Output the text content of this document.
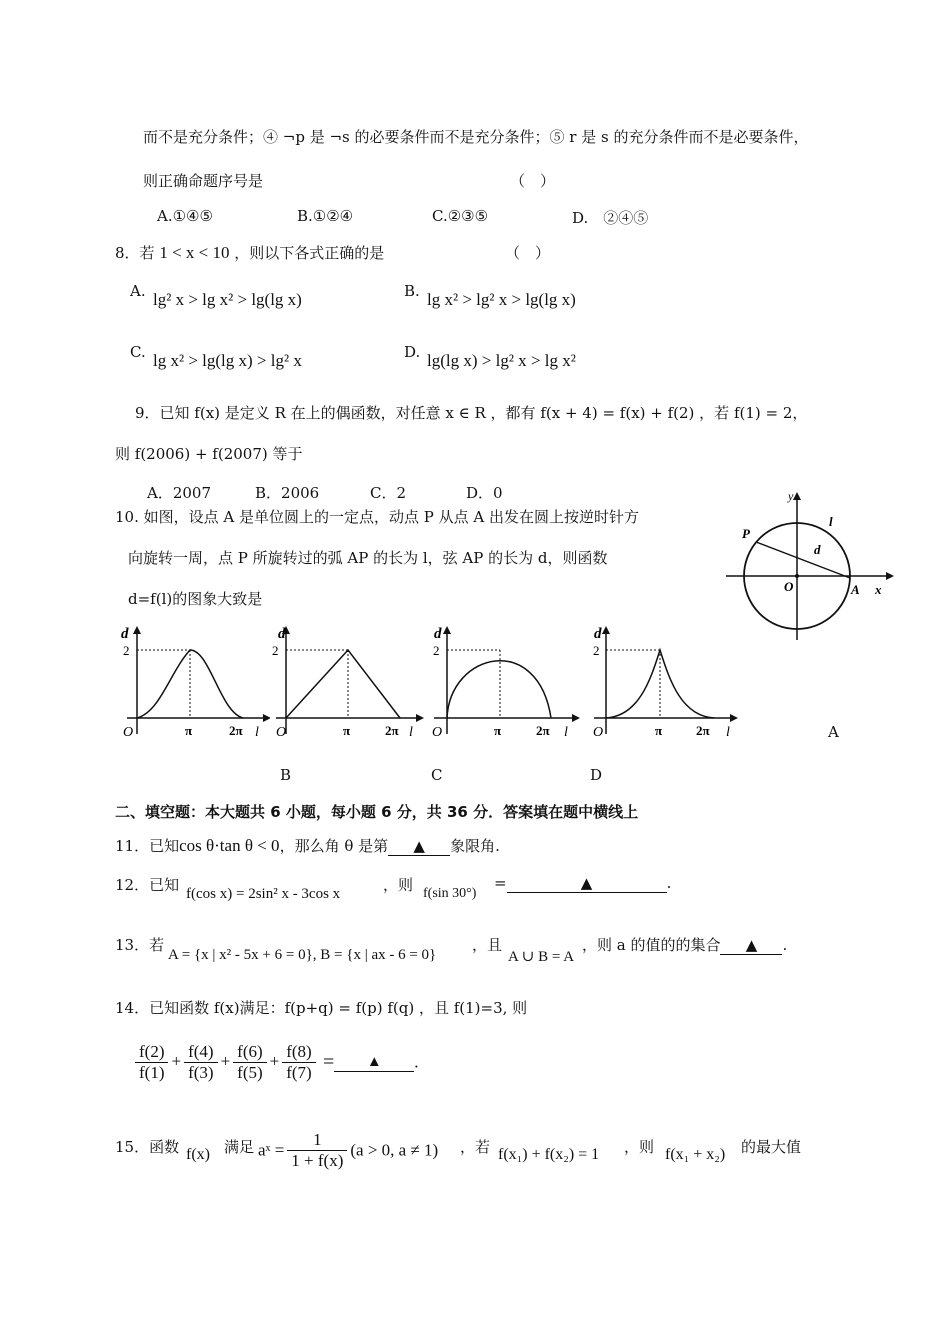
而不是充分条件；④ ¬p 是 ¬s 的必要条件而不是充分条件；⑤ r 是 s 的充分条件而不是必要条件，
则正确命题序号是	（　）
A.①④⑤	B.①②④	C.②③⑤	D.　②④⑤
8．若 1 < x < 10 ，则以下各式正确的是	（　）
A. lg² x > lg x² > lg(lg x)	B. lg x² > lg² x > lg(lg x)
C. lg x² > lg(lg x) > lg² x	D. lg(lg x) > lg² x > lg x²
9．已知 f(x) 是定义 R 在上的偶函数，对任意 x ∈ R ，都有 f(x + 4) = f(x) + f(2) ，若 f(1) = 2，
则 f(2006) + f(2007) 等于
A．2007	B．2006	C．2	D．0
10. 如图，设点 A 是单位圆上的一定点，动点 P 从点 A 出发在圆上按逆时针方
向旋转一周，点 P 所旋转过的弧 AP 的长为 l，弦 AP 的长为 d，则函数
d=f(l)的图象大致是
y
x
P
A
O
d
l
d
2
O	π	2π l
d
2
O	π	2π l
d
2
O	π	2π l
d
2
O	π	2π l	A
B	C	D
二、填空题：本大题共 6 小题，每小题 6 分，共 36 分．答案填在题中横线上
11．已知cos θ·tan θ < 0，那么角 θ 是第 ▲ 象限角.
12．已知 f(cos x) = 2sin² x - 3cos x	，则 f(sin 30°)
=	▲	.
13．若
A = {x | x² - 5x + 6 = 0}, B = {x | ax - 6 = 0}
，且
A ∪ B = A
，则 a 的值的的集合 ▲ .
14．已知函数 f(x)满足：f(p+q) = f(p) f(q) ，且 f(1)=3, 则
$\frac{f(2)}{f(1)} + \frac{f(4)}{f(3)} + \frac{f(6)}{f(5)} + \frac{f(8)}{f(7)}$ = ▲ .
15．函数 f(x) 满足 aˣ = $\frac{1}{1 + f(x)} (a > 0$, a ≠ 1) ，若 f(x₁) + f(x₂) = 1 ，则 f(x₁ + x₂) 的最大值
